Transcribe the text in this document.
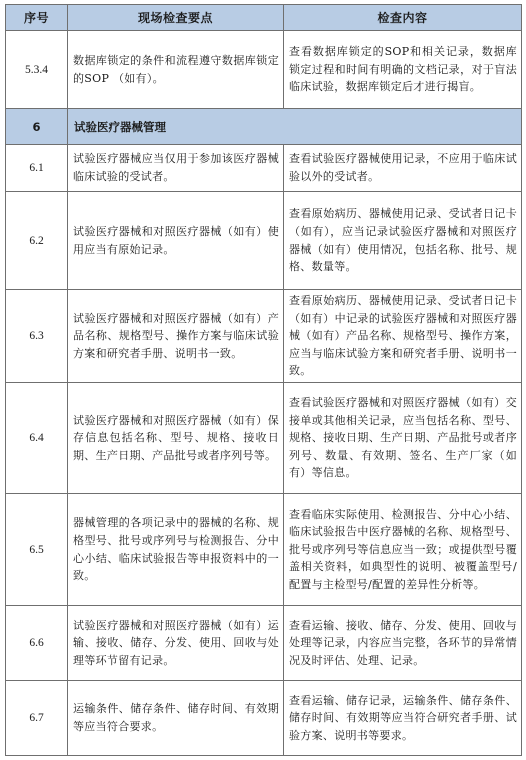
序号	现场检查要点	检查内容
5.3.4	数据库锁定的条件和流程遵守数据库锁定的SOP （如有）。	查看数据库锁定的SOP和相关记录，数据库锁定过程和时间有明确的文档记录，对于盲法临床试验，数据库锁定后才进行揭盲。
6	试验医疗器械管理	
6.1	试验医疗器械应当仅用于参加该医疗器械临床试验的受试者。	查看试验医疗器械使用记录，不应用于临床试验以外的受试者。
6.2	试验医疗器械和对照医疗器械（如有）使用应当有原始记录。	查看原始病历、器械使用记录、受试者日记卡（如有），应当记录试验医疗器械和对照医疗器械（如有）使用情况，包括名称、批号、规格、数量等。
6.3	试验医疗器械和对照医疗器械（如有）产品名称、规格型号、操作方案与临床试验方案和研究者手册、说明书一致。	查看原始病历、器械使用记录、受试者日记卡（如有）中记录的试验医疗器械和对照医疗器械（如有）产品名称、规格型号、操作方案，应当与临床试验方案和研究者手册、说明书一致。
6.4	试验医疗器械和对照医疗器械（如有）保存信息包括名称、型号、规格、接收日期、生产日期、产品批号或者序列号等。	查看试验医疗器械和对照医疗器械（如有）交接单或其他相关记录，应当包括名称、型号、规格、接收日期、生产日期、产品批号或者序列号、数量、有效期、签名、生产厂家（如有）等信息。
6.5	器械管理的各项记录中的器械的名称、规格型号、批号或序列号与检测报告、分中心小结、临床试验报告等申报资料中的一致。	查看临床实际使用、检测报告、分中心小结、临床试验报告中医疗器械的名称、规格型号、批号或序列号等信息应当一致；或提供型号覆盖相关资料，如典型性的说明、被覆盖型号/配置与主检型号/配置的差异性分析等。
6.6	试验医疗器械和对照医疗器械（如有）运输、接收、储存、分发、使用、回收与处理等环节留有记录。	查看运输、接收、储存、分发、使用、回收与处理等记录，内容应当完整，各环节的异常情况及时评估、处理、记录。
6.7	运输条件、储存条件、储存时间、有效期等应当符合要求。	查看运输、储存记录，运输条件、储存条件、储存时间、有效期等应当符合研究者手册、试验方案、说明书等要求。
